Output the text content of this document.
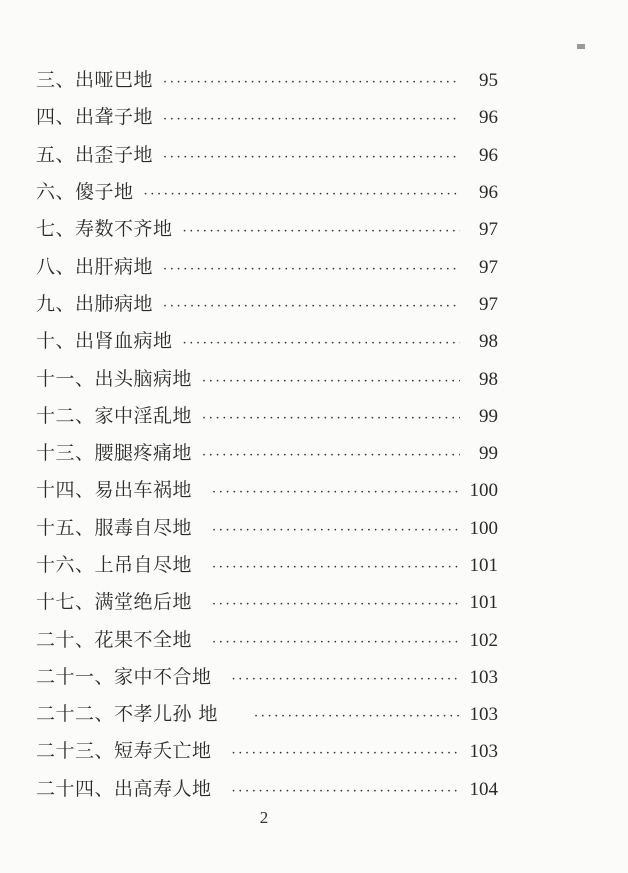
三、出哑巴地 ·····	95
四、出聋子地 ·····	96
五、出歪子地 ·····	96
六、傻子地 ·····	96
七、寿数不齐地 ·····	97
八、出肝病地 ·····	97
九、出肺病地 ·····	97
十、出肾血病地 ·····	98
十一、出头脑病地 ·····	98
十二、家中淫乱地 ·····	99
十三、腰腿疼痛地 ·····	99
十四、易出车祸地 ·····	100
十五、服毒自尽地 ·····	100
十六、上吊自尽地 ·····	101
十七、满堂绝后地 ·····	101
二十、花果不全地 ·····	102
二十一、家中不合地 ·····	103
二十二、不孝儿孙 地 ·····	103
二十三、短寿夭亡地 ·····	103
二十四、出高寿人地 ·····	104
2
